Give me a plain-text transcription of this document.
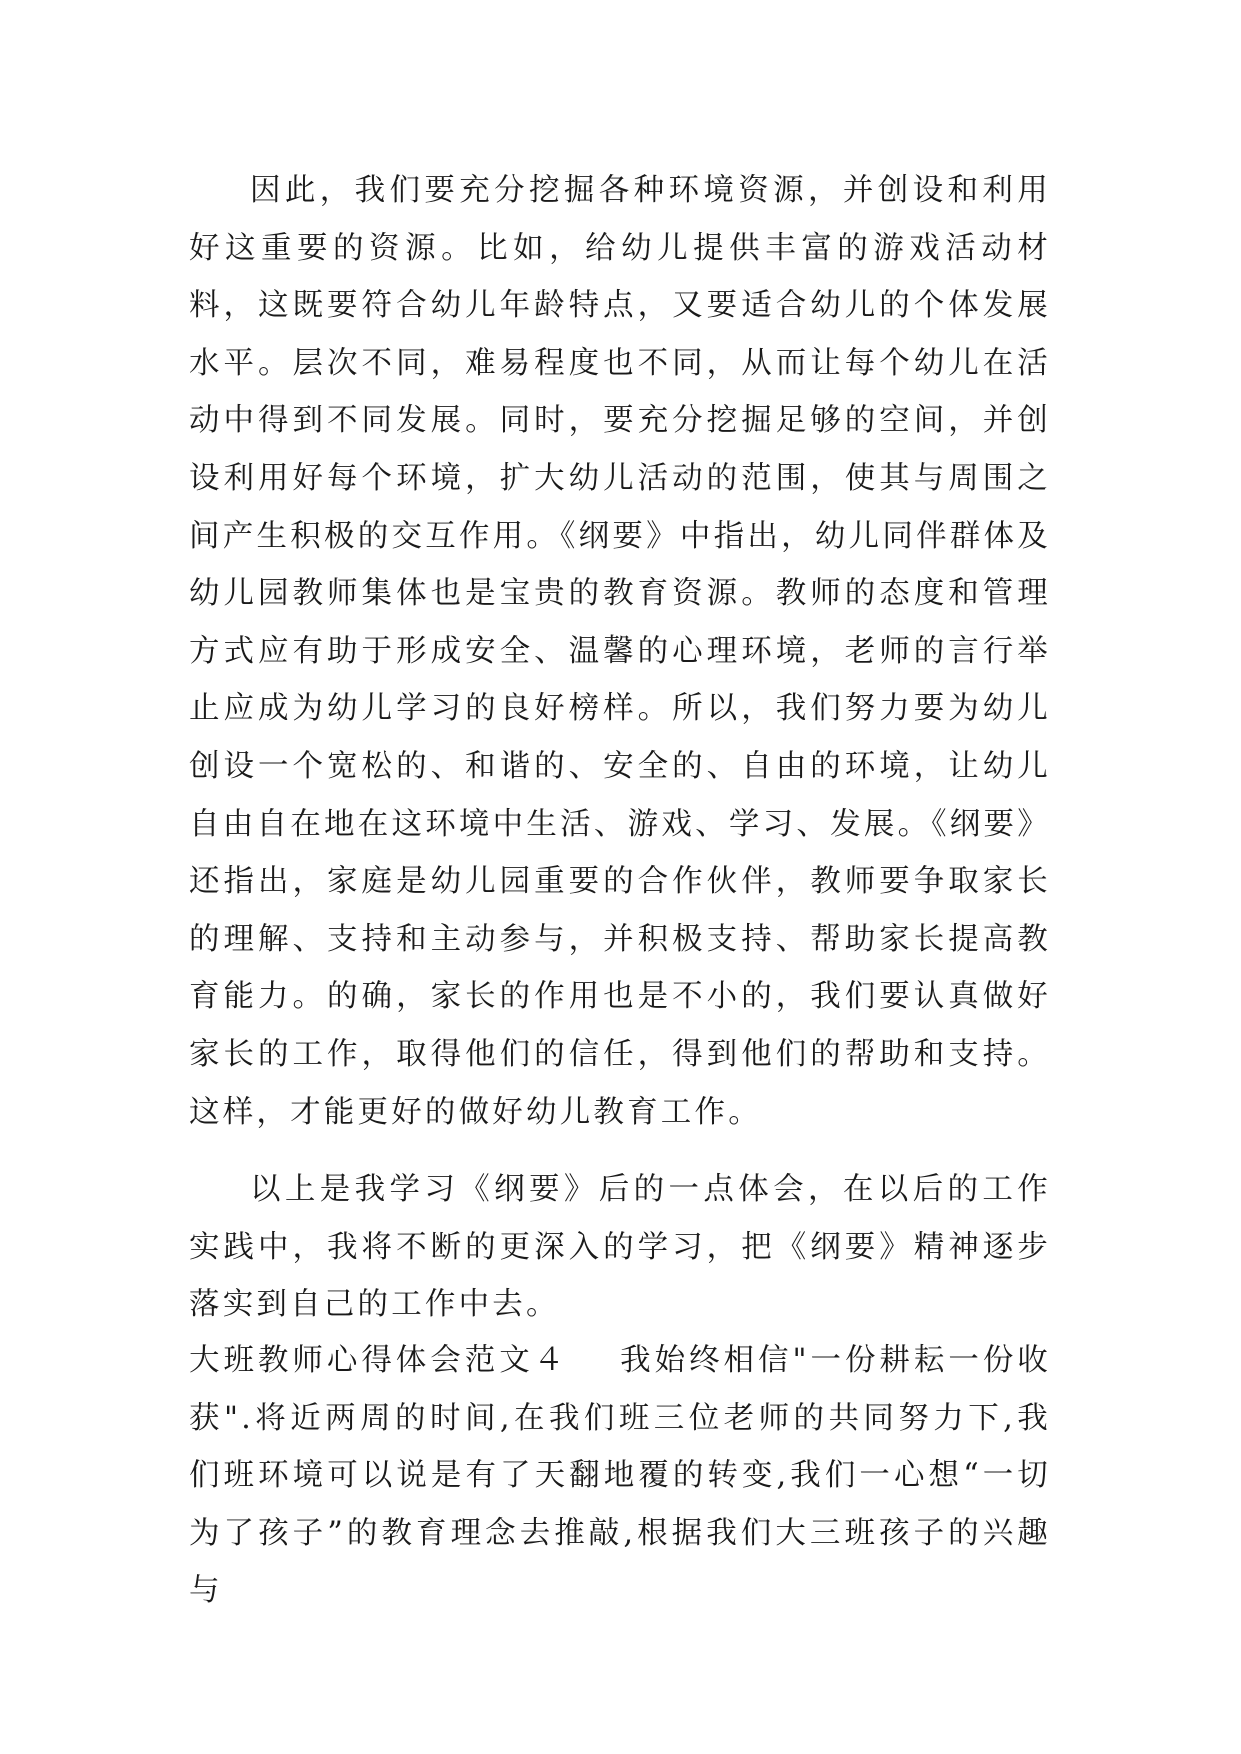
因此，我们要充分挖掘各种环境资源，并创设和利用好这重要的资源。比如，给幼儿提供丰富的游戏活动材料，这既要符合幼儿年龄特点，又要适合幼儿的个体发展水平。层次不同，难易程度也不同，从而让每个幼儿在活动中得到不同发展。同时，要充分挖掘足够的空间，并创设利用好每个环境，扩大幼儿活动的范围，使其与周围之间产生积极的交互作用。《纲要》中指出，幼儿同伴群体及幼儿园教师集体也是宝贵的教育资源。教师的态度和管理方式应有助于形成安全、温馨的心理环境，老师的言行举止应成为幼儿学习的良好榜样。所以，我们努力要为幼儿创设一个宽松的、和谐的、安全的、自由的环境，让幼儿自由自在地在这环境中生活、游戏、学习、发展。《纲要》还指出，家庭是幼儿园重要的合作伙伴，教师要争取家长的理解、支持和主动参与，并积极支持、帮助家长提高教育能力。的确，家长的作用也是不小的，我们要认真做好家长的工作，取得他们的信任，得到他们的帮助和支持。这样，才能更好的做好幼儿教育工作。

以上是我学习《纲要》后的一点体会，在以后的工作实践中，我将不断的更深入的学习，把《纲要》精神逐步落实到自己的工作中去。

大班教师心得体会范文４ 我始终相信"一份耕耘一份收获".将近两周的时间,在我们班三位老师的共同努力下,我们班环境可以说是有了天翻地覆的转变,我们一心想“一切为了孩子”的教育理念去推敲,根据我们大三班孩子的兴趣与
